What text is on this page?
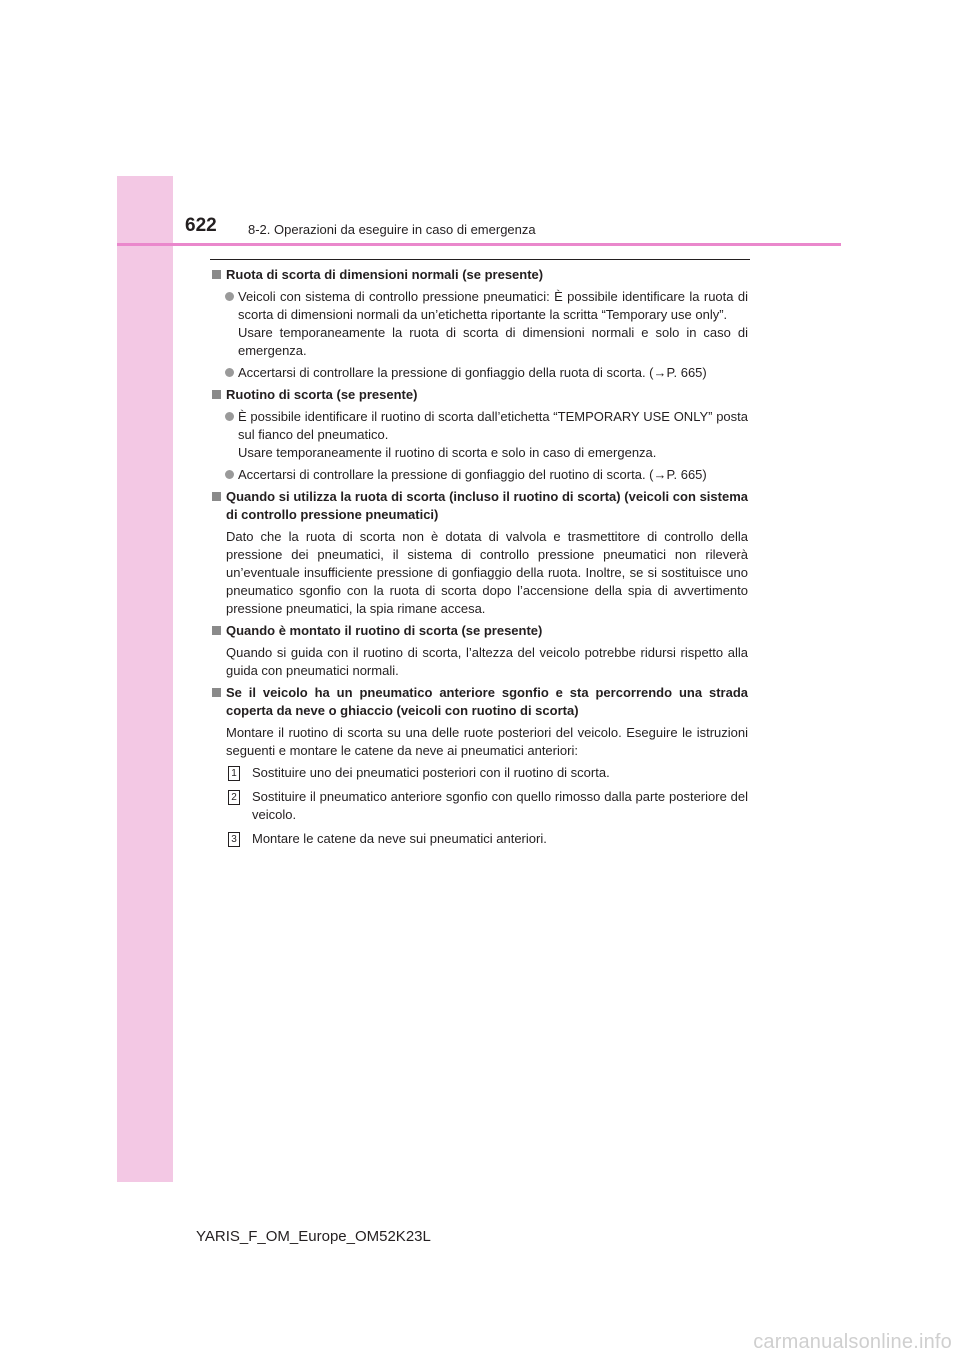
622 8-2. Operazioni da eseguire in caso di emergenza
Ruota di scorta di dimensioni normali (se presente)
Veicoli con sistema di controllo pressione pneumatici: È possibile identificare la ruota di scorta di dimensioni normali da un’etichetta riportante la scritta “Temporary use only”.
Usare temporaneamente la ruota di scorta di dimensioni normali e solo in caso di emergenza.
Accertarsi di controllare la pressione di gonfiaggio della ruota di scorta. (→P. 665)
Ruotino di scorta (se presente)
È possibile identificare il ruotino di scorta dall’etichetta “TEMPORARY USE ONLY” posta sul fianco del pneumatico.
Usare temporaneamente il ruotino di scorta e solo in caso di emergenza.
Accertarsi di controllare la pressione di gonfiaggio del ruotino di scorta. (→P. 665)
Quando si utilizza la ruota di scorta (incluso il ruotino di scorta) (veicoli con sistema di controllo pressione pneumatici)
Dato che la ruota di scorta non è dotata di valvola e trasmettitore di controllo della pressione dei pneumatici, il sistema di controllo pressione pneumatici non rileverà un’eventuale insufficiente pressione di gonfiaggio della ruota. Inoltre, se si sostituisce uno pneumatico sgonfio con la ruota di scorta dopo l’accensione della spia di avvertimento pressione pneumatici, la spia rimane accesa.
Quando è montato il ruotino di scorta (se presente)
Quando si guida con il ruotino di scorta, l’altezza del veicolo potrebbe ridursi rispetto alla guida con pneumatici normali.
Se il veicolo ha un pneumatico anteriore sgonfio e sta percorrendo una strada coperta da neve o ghiaccio (veicoli con ruotino di scorta)
Montare il ruotino di scorta su una delle ruote posteriori del veicolo. Eseguire le istruzioni seguenti e montare le catene da neve ai pneumatici anteriori:
1 Sostituire uno dei pneumatici posteriori con il ruotino di scorta.
2 Sostituire il pneumatico anteriore sgonfio con quello rimosso dalla parte posteriore del veicolo.
3 Montare le catene da neve sui pneumatici anteriori.
YARIS_F_OM_Europe_OM52K23L
carmanualsonline.info
